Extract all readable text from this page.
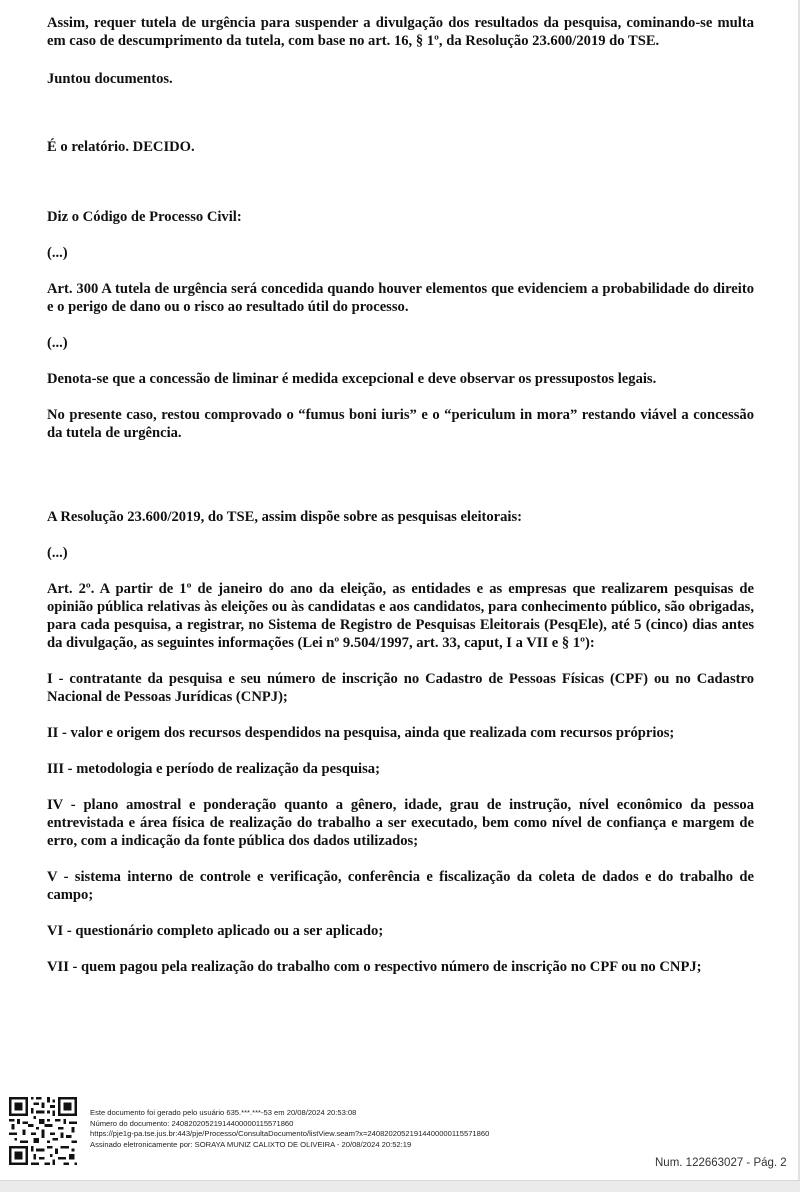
Assim, requer tutela de urgência para suspender a divulgação dos resultados da pesquisa, cominando-se multa em caso de descumprimento da tutela, com base no art. 16, § 1º, da Resolução 23.600/2019 do TSE.

Juntou documentos.

É o relatório. DECIDO.

Diz o Código de Processo Civil:

(...)

Art. 300 A tutela de urgência será concedida quando houver elementos que evidenciem a probabilidade do direito e o perigo de dano ou o risco ao resultado útil do processo.

(...)

Denota-se que a concessão de liminar é medida excepcional e deve observar os pressupostos legais.

No presente caso, restou comprovado o “fumus boni iuris” e o “periculum in mora” restando viável a concessão da tutela de urgência.

A Resolução 23.600/2019, do TSE, assim dispõe sobre as pesquisas eleitorais:

(...)

Art. 2º. A partir de 1º de janeiro do ano da eleição, as entidades e as empresas que realizarem pesquisas de opinião pública relativas às eleições ou às candidatas e aos candidatos, para conhecimento público, são obrigadas, para cada pesquisa, a registrar, no Sistema de Registro de Pesquisas Eleitorais (PesqEle), até 5 (cinco) dias antes da divulgação, as seguintes informações (Lei nº 9.504/1997, art. 33, caput, I a VII e § 1º):

I - contratante da pesquisa e seu número de inscrição no Cadastro de Pessoas Físicas (CPF) ou no Cadastro Nacional de Pessoas Jurídicas (CNPJ);

II - valor e origem dos recursos despendidos na pesquisa, ainda que realizada com recursos próprios;

III - metodologia e período de realização da pesquisa;

IV - plano amostral e ponderação quanto a gênero, idade, grau de instrução, nível econômico da pessoa entrevistada e área física de realização do trabalho a ser executado, bem como nível de confiança e margem de erro, com a indicação da fonte pública dos dados utilizados;

V - sistema interno de controle e verificação, conferência e fiscalização da coleta de dados e do trabalho de campo;

VI - questionário completo aplicado ou a ser aplicado;

VII - quem pagou pela realização do trabalho com o respectivo número de inscrição no CPF ou no CNPJ;

Este documento foi gerado pelo usuário 635.***.***-53 em 20/08/2024 20:53:08
Número do documento: 24082020521914400000115571860
https://pje1g-pa.tse.jus.br:443/pje/Processo/ConsultaDocumento/listView.seam?x=24082020521914400000115571860
Assinado eletronicamente por: SORAYA MUNIZ CALIXTO DE OLIVEIRA - 20/08/2024 20:52:19
Num. 122663027 - Pág. 2
